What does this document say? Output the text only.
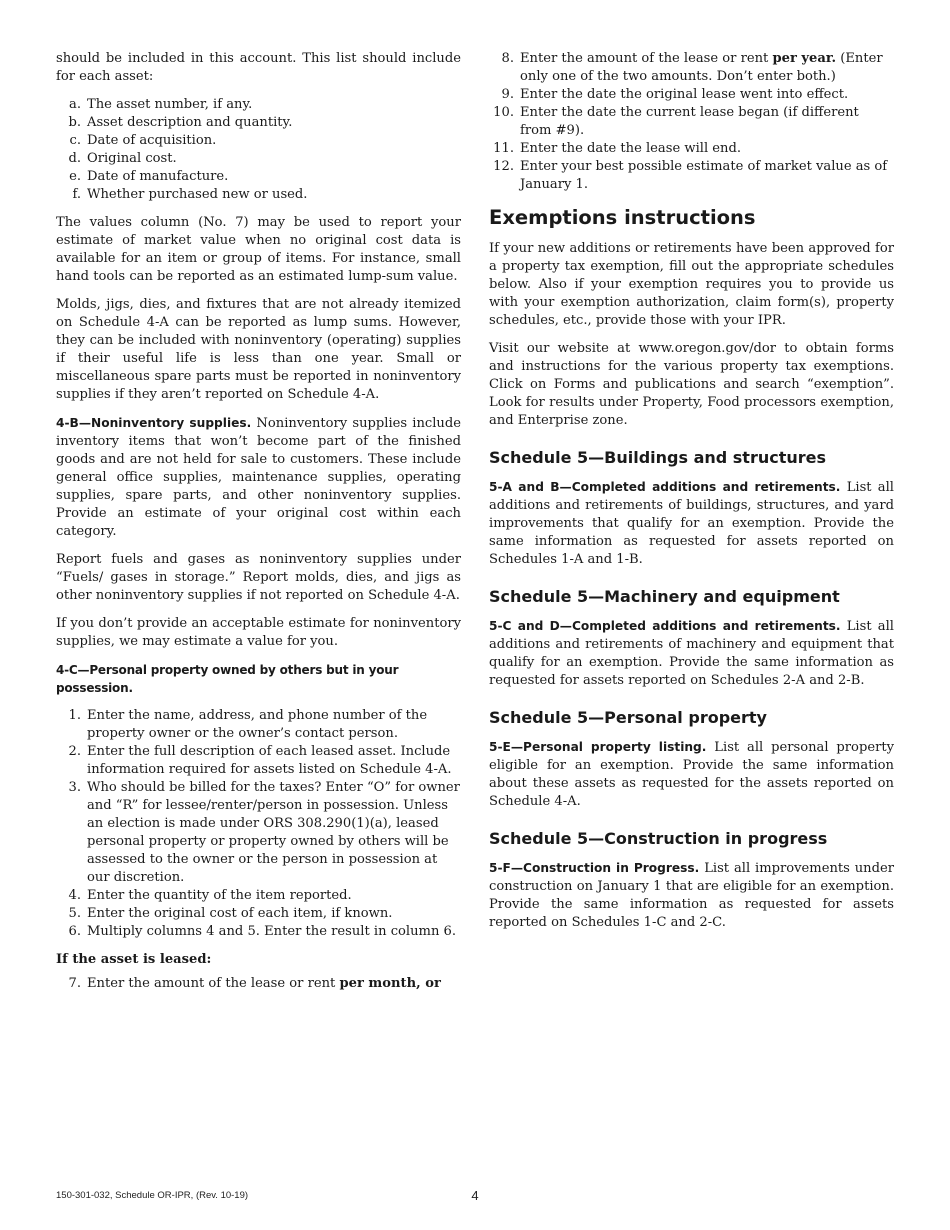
should be included in this account. This list should include for each asset:

a. The asset number, if any.
b. Asset description and quantity.
c. Date of acquisition.
d. Original cost.
e. Date of manufacture.
f. Whether purchased new or used.

The values column (No. 7) may be used to report your estimate of market value when no original cost data is available for an item or group of items. For instance, small hand tools can be reported as an estimated lump-sum value.

Molds, jigs, dies, and fixtures that are not already itemized on Schedule 4-A can be reported as lump sums. However, they can be included with noninventory (operating) supplies if their useful life is less than one year. Small or miscellaneous spare parts must be reported in noninventory supplies if they aren’t reported on Schedule 4-A.

4-B—Noninventory supplies. Noninventory supplies include inventory items that won’t become part of the finished goods and are not held for sale to customers. These include general office supplies, maintenance supplies, operating supplies, spare parts, and other noninventory supplies. Provide an estimate of your original cost within each category.

Report fuels and gases as noninventory supplies under “Fuels/ gases in storage.” Report molds, dies, and jigs as other noninventory supplies if not reported on Schedule 4-A.

If you don’t provide an acceptable estimate for noninventory supplies, we may estimate a value for you.

4-C—Personal property owned by others but in your possession.
1. Enter the name, address, and phone number of the property owner or the owner’s contact person.
2. Enter the full description of each leased asset. Include information required for assets listed on Schedule 4-A.
3. Who should be billed for the taxes? Enter “O” for owner and “R” for lessee/renter/person in possession. Unless an election is made under ORS 308.290(1)(a), leased personal property or property owned by others will be assessed to the owner or the person in possession at our discretion.
4. Enter the quantity of the item reported.
5. Enter the original cost of each item, if known.
6. Multiply columns 4 and 5. Enter the result in column 6.
If the asset is leased:
7. Enter the amount of the lease or rent per month, or
8. Enter the amount of the lease or rent per year. (Enter only one of the two amounts. Don’t enter both.)
9. Enter the date the original lease went into effect.
10. Enter the date the current lease began (if different from #9).
11. Enter the date the lease will end.
12. Enter your best possible estimate of market value as of January 1.
Exemptions instructions

If your new additions or retirements have been approved for a property tax exemption, fill out the appropriate schedules below. Also if your exemption requires you to provide us with your exemption authorization, claim form(s), property schedules, etc., provide those with your IPR.

Visit our website at www.oregon.gov/dor to obtain forms and instructions for the various property tax exemptions. Click on Forms and publications and search “exemption”. Look for results under Property, Food processors exemption, and Enterprise zone.

Schedule 5—Buildings and structures

5-A and B—Completed additions and retirements. List all additions and retirements of buildings, structures, and yard improvements that qualify for an exemption. Provide the same information as requested for assets reported on Schedules 1-A and 1-B.

Schedule 5—Machinery and equipment

5-C and D—Completed additions and retirements. List all additions and retirements of machinery and equipment that qualify for an exemption. Provide the same information as requested for assets reported on Schedules 2-A and 2-B.

Schedule 5—Personal property

5-E—Personal property listing. List all personal property eligible for an exemption. Provide the same information about these assets as requested for the assets reported on Schedule 4-A.

Schedule 5—Construction in progress

5-F—Construction in Progress. List all improvements under construction on January 1 that are eligible for an exemption. Provide the same information as requested for assets reported on Schedules 1-C and 2-C.

150-301-032, Schedule OR-IPR, (Rev. 10-19)	4
